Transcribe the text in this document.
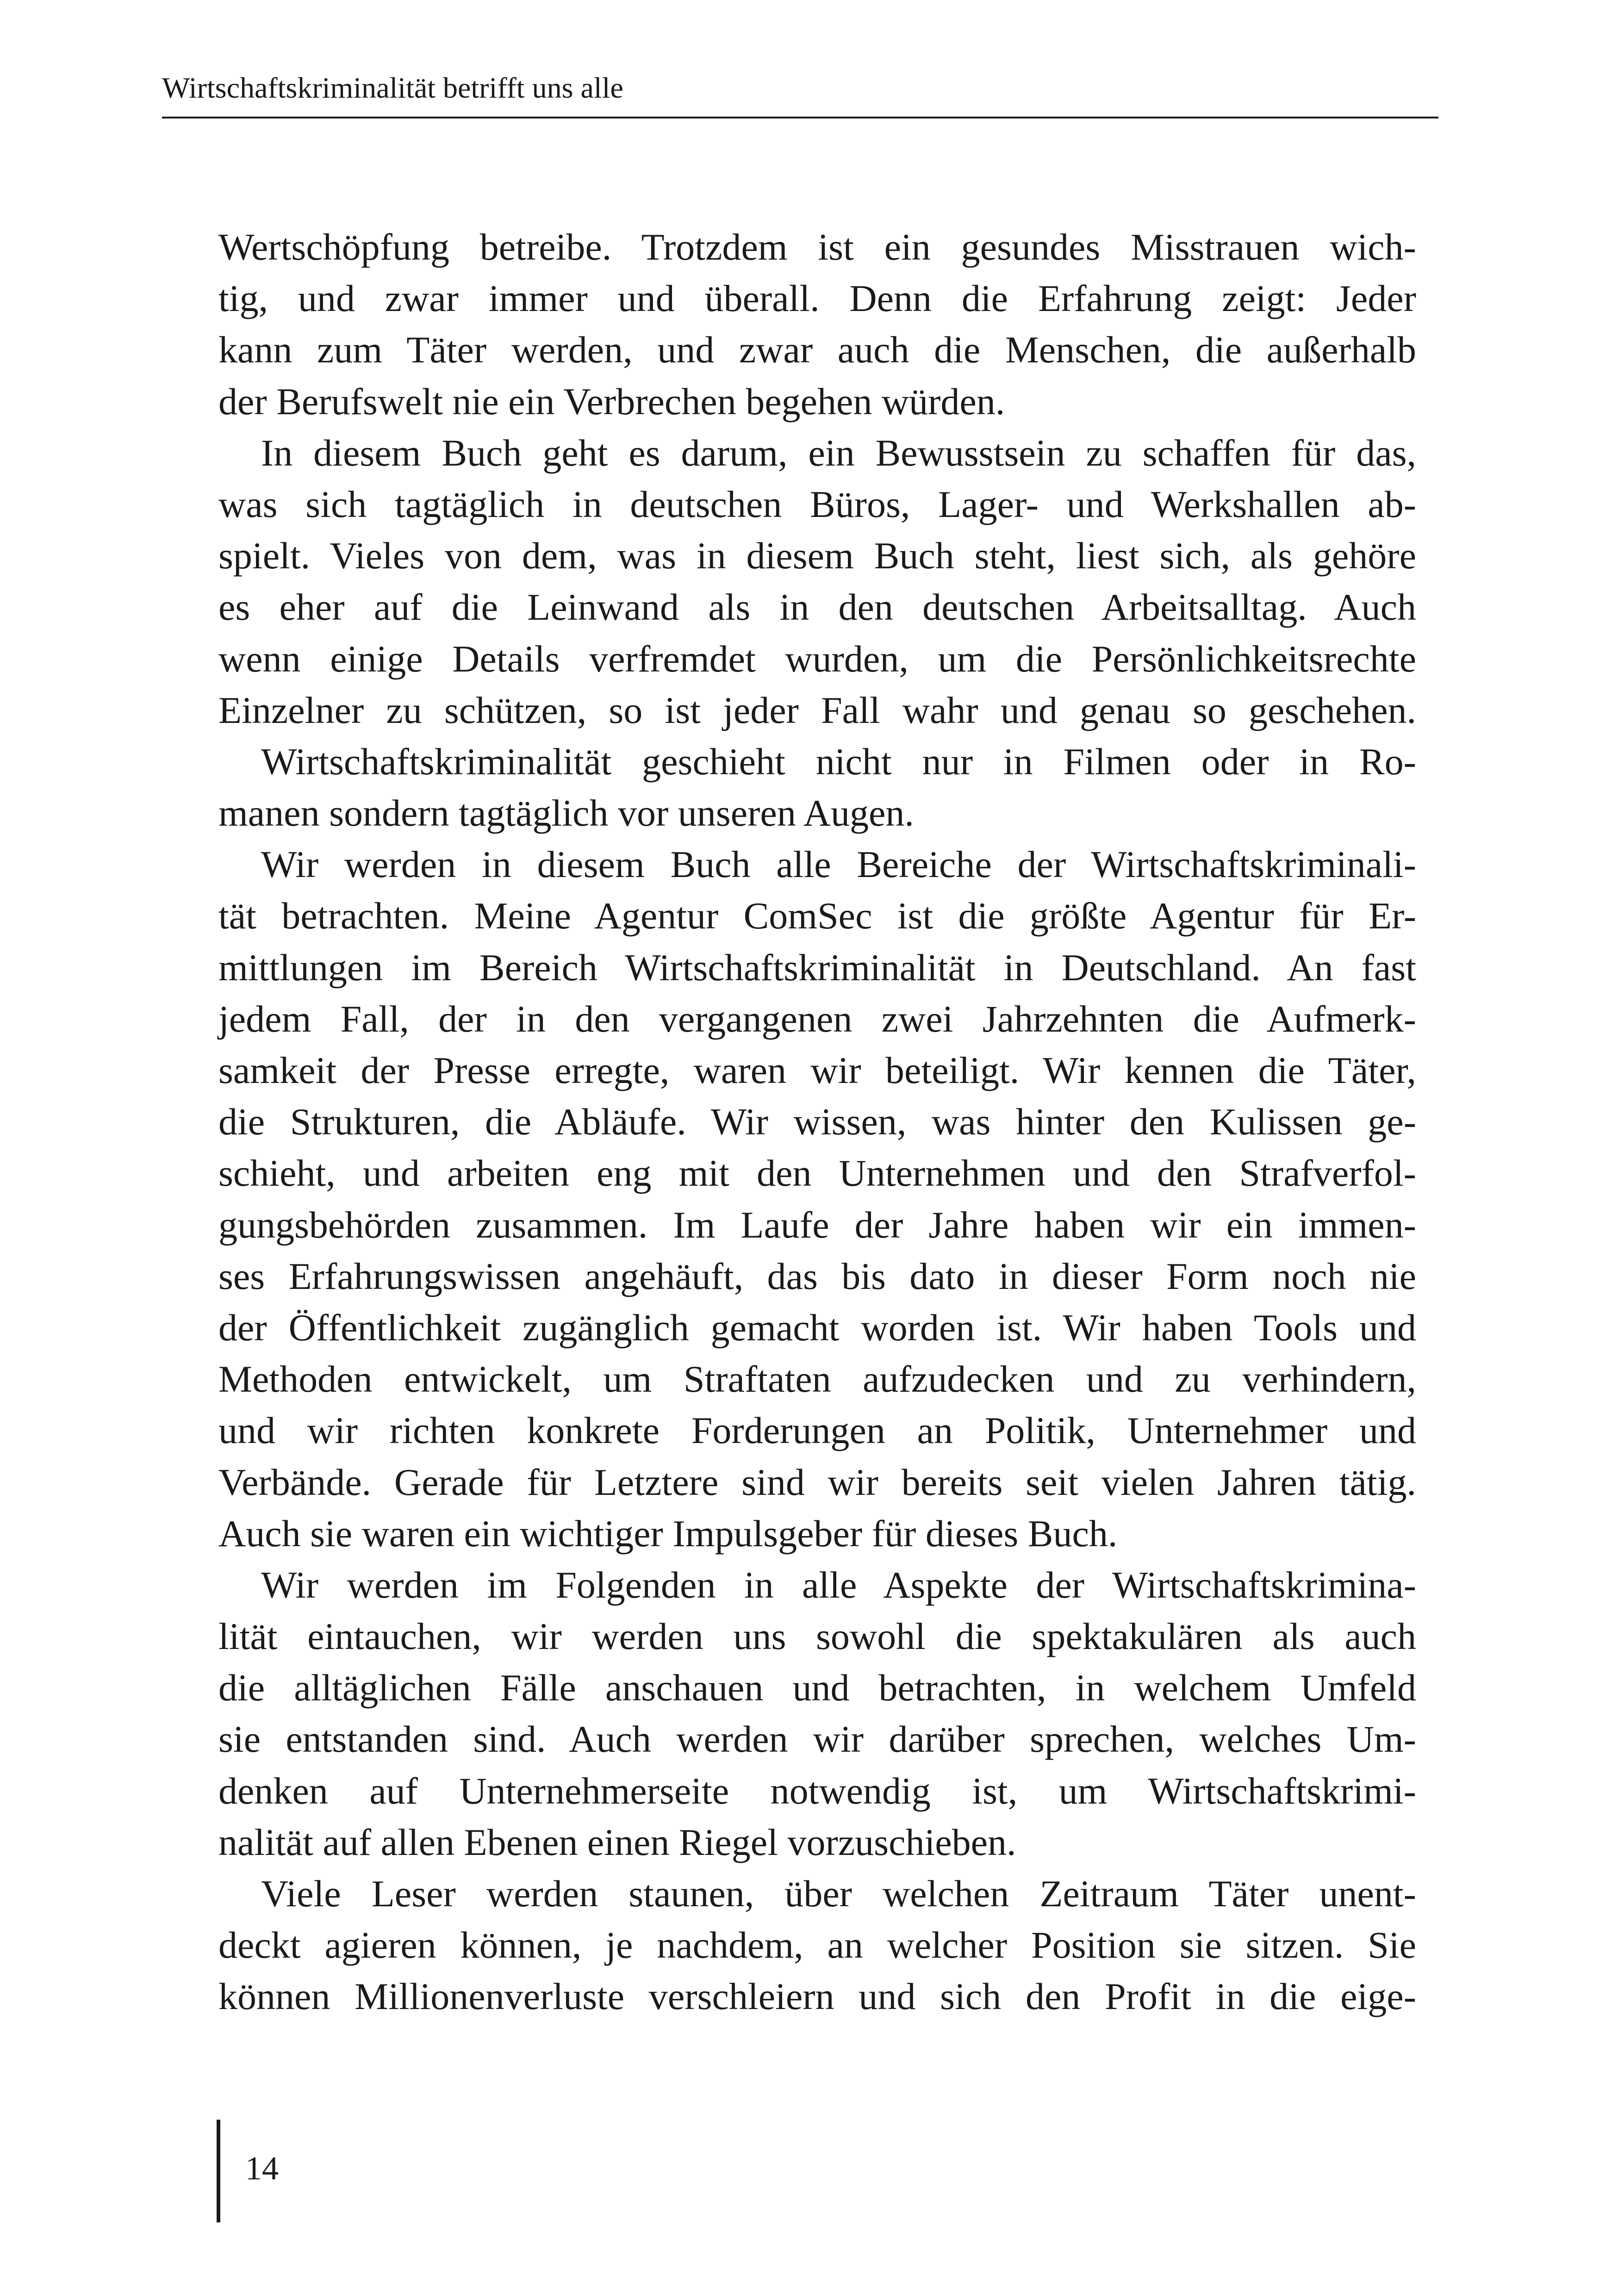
Wirtschaftskriminalität betrifft uns alle
Wertschöpfung betreibe. Trotzdem ist ein gesundes Misstrauen wich-
tig, und zwar immer und überall. Denn die Erfahrung zeigt: Jeder
kann zum Täter werden, und zwar auch die Menschen, die außerhalb
der Berufswelt nie ein Verbrechen begehen würden.
In diesem Buch geht es darum, ein Bewusstsein zu schaffen für das,
was sich tagtäglich in deutschen Büros, Lager- und Werkshallen ab-
spielt. Vieles von dem, was in diesem Buch steht, liest sich, als gehöre
es eher auf die Leinwand als in den deutschen Arbeitsalltag. Auch
wenn einige Details verfremdet wurden, um die Persönlichkeitsrechte
Einzelner zu schützen, so ist jeder Fall wahr und genau so geschehen.
Wirtschaftskriminalität geschieht nicht nur in Filmen oder in Ro-
manen sondern tagtäglich vor unseren Augen.
Wir werden in diesem Buch alle Bereiche der Wirtschaftskriminali-
tät betrachten. Meine Agentur ComSec ist die größte Agentur für Er-
mittlungen im Bereich Wirtschaftskriminalität in Deutschland. An fast
jedem Fall, der in den vergangenen zwei Jahrzehnten die Aufmerk-
samkeit der Presse erregte, waren wir beteiligt. Wir kennen die Täter,
die Strukturen, die Abläufe. Wir wissen, was hinter den Kulissen ge-
schieht, und arbeiten eng mit den Unternehmen und den Strafverfol-
gungsbehörden zusammen. Im Laufe der Jahre haben wir ein immen-
ses Erfahrungswissen angehäuft, das bis dato in dieser Form noch nie
der Öffentlichkeit zugänglich gemacht worden ist. Wir haben Tools und
Methoden entwickelt, um Straftaten aufzudecken und zu verhindern,
und wir richten konkrete Forderungen an Politik, Unternehmer und
Verbände. Gerade für Letztere sind wir bereits seit vielen Jahren tätig.
Auch sie waren ein wichtiger Impulsgeber für dieses Buch.
Wir werden im Folgenden in alle Aspekte der Wirtschaftskrimina-
lität eintauchen, wir werden uns sowohl die spektakulären als auch
die alltäglichen Fälle anschauen und betrachten, in welchem Umfeld
sie entstanden sind. Auch werden wir darüber sprechen, welches Um-
denken auf Unternehmerseite notwendig ist, um Wirtschaftskrimi-
nalität auf allen Ebenen einen Riegel vorzuschieben.
Viele Leser werden staunen, über welchen Zeitraum Täter unent-
deckt agieren können, je nachdem, an welcher Position sie sitzen. Sie
können Millionenverluste verschleiern und sich den Profit in die eige-
14
